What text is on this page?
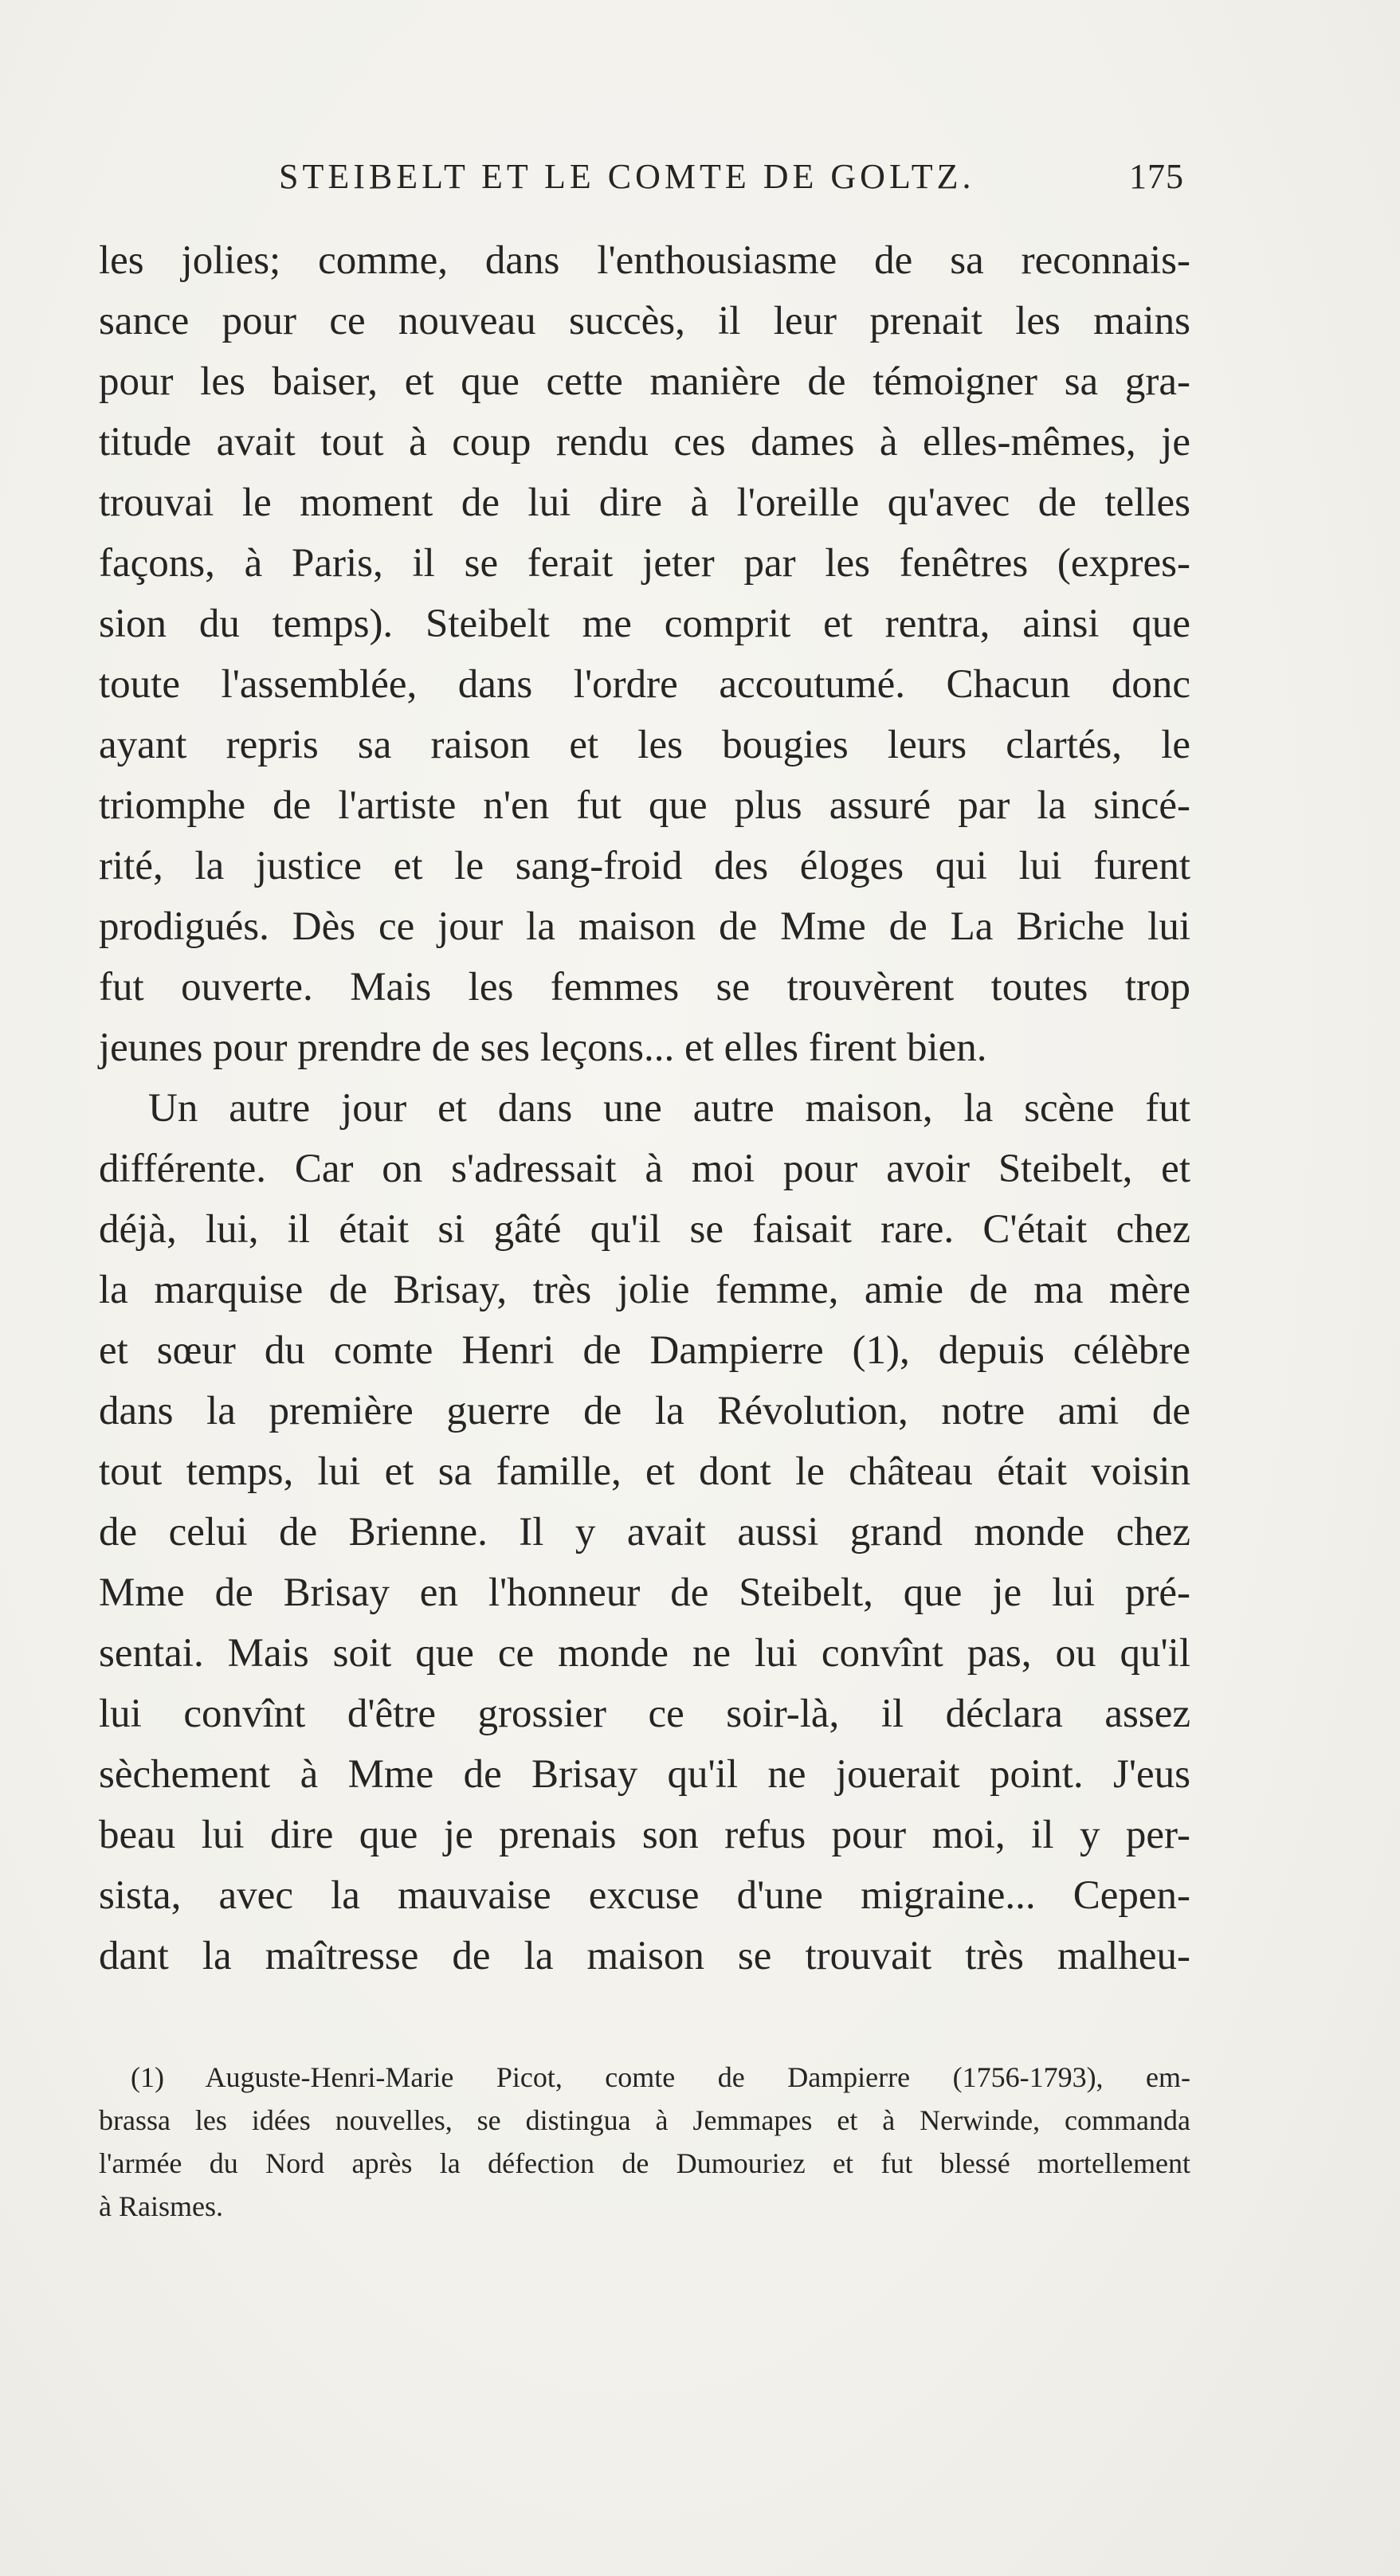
STEIBELT ET LE COMTE DE GOLTZ.	175
les jolies; comme, dans l'enthousiasme de sa reconnais-
sance pour ce nouveau succès, il leur prenait les mains
pour les baiser, et que cette manière de témoigner sa gra-
titude avait tout à coup rendu ces dames à elles-mêmes, je
trouvai le moment de lui dire à l'oreille qu'avec de telles
façons, à Paris, il se ferait jeter par les fenêtres (expres-
sion du temps). Steibelt me comprit et rentra, ainsi que
toute l'assemblée, dans l'ordre accoutumé. Chacun donc
ayant repris sa raison et les bougies leurs clartés, le
triomphe de l'artiste n'en fut que plus assuré par la sincé-
rité, la justice et le sang-froid des éloges qui lui furent
prodigués. Dès ce jour la maison de Mme de La Briche lui
fut ouverte. Mais les femmes se trouvèrent toutes trop
jeunes pour prendre de ses leçons... et elles firent bien.
Un autre jour et dans une autre maison, la scène fut
différente. Car on s'adressait à moi pour avoir Steibelt, et
déjà, lui, il était si gâté qu'il se faisait rare. C'était chez
la marquise de Brisay, très jolie femme, amie de ma mère
et sœur du comte Henri de Dampierre (1), depuis célèbre
dans la première guerre de la Révolution, notre ami de
tout temps, lui et sa famille, et dont le château était voisin
de celui de Brienne. Il y avait aussi grand monde chez
Mme de Brisay en l'honneur de Steibelt, que je lui pré-
sentai. Mais soit que ce monde ne lui convînt pas, ou qu'il
lui convînt d'être grossier ce soir-là, il déclara assez
sèchement à Mme de Brisay qu'il ne jouerait point. J'eus
beau lui dire que je prenais son refus pour moi, il y per-
sista, avec la mauvaise excuse d'une migraine... Cepen-
dant la maîtresse de la maison se trouvait très malheu-
(1) Auguste-Henri-Marie Picot, comte de Dampierre (1756-1793), em-
brassa les idées nouvelles, se distingua à Jemmapes et à Nerwinde, commanda
l'armée du Nord après la défection de Dumouriez et fut blessé mortellement
à Raismes.
